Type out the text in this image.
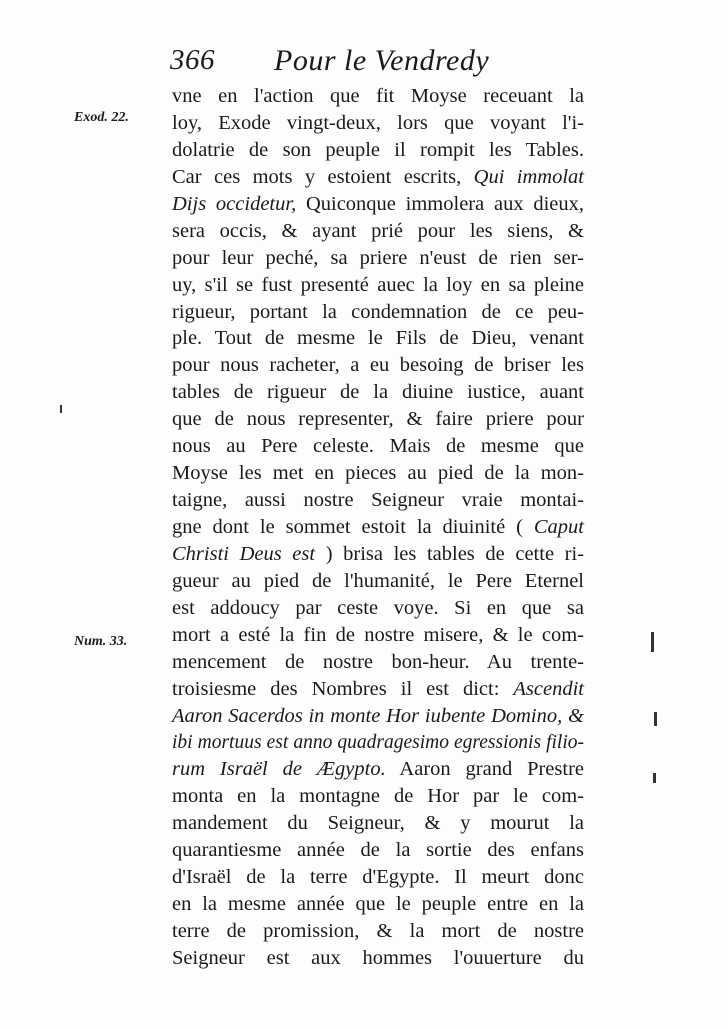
366 Pour le Vendredy
Exod. 22.
Num. 33.
vne en l'action que fit Moyse receuant la
loy, Exode vingt-deux, lors que voyant l'i-
dolatrie de son peuple il rompit les Tables.
Car ces mots y estoient escrits, Qui immolat
Dijs occidetur, Quiconque immolera aux dieux,
sera occis, & ayant prié pour les siens, &
pour leur peché, sa priere n'eust de rien ser-
uy, s'il se fust presenté auec la loy en sa pleine
rigueur, portant la condemnation de ce peu-
ple. Tout de mesme le Fils de Dieu, venant
pour nous racheter, a eu besoing de briser les
tables de rigueur de la diuine iustice, auant
que de nous representer, & faire priere pour
nous au Pere celeste. Mais de mesme que
Moyse les met en pieces au pied de la mon-
taigne, aussi nostre Seigneur vraie montai-
gne dont le sommet estoit la diuinité ( Caput
Christi Deus est ) brisa les tables de cette ri-
gueur au pied de l'humanité, le Pere Eternel
est addoucy par ceste voye. Si en que sa
mort a esté la fin de nostre misere, & le com-
mencement de nostre bon-heur. Au trente-
troisiesme des Nombres il est dict: Ascendit
Aaron Sacerdos in monte Hor iubente Domino, &
ibi mortuus est anno quadragesimo egressionis filio-
rum Israël de Ægypto. Aaron grand Prestre
monta en la montagne de Hor par le com-
mandement du Seigneur, & y mourut la
quarantiesme année de la sortie des enfans
d'Israël de la terre d'Egypte. Il meurt donc
en la mesme année que le peuple entre en la
terre de promission, & la mort de nostre
Seigneur est aux hommes l'ouuerture du
